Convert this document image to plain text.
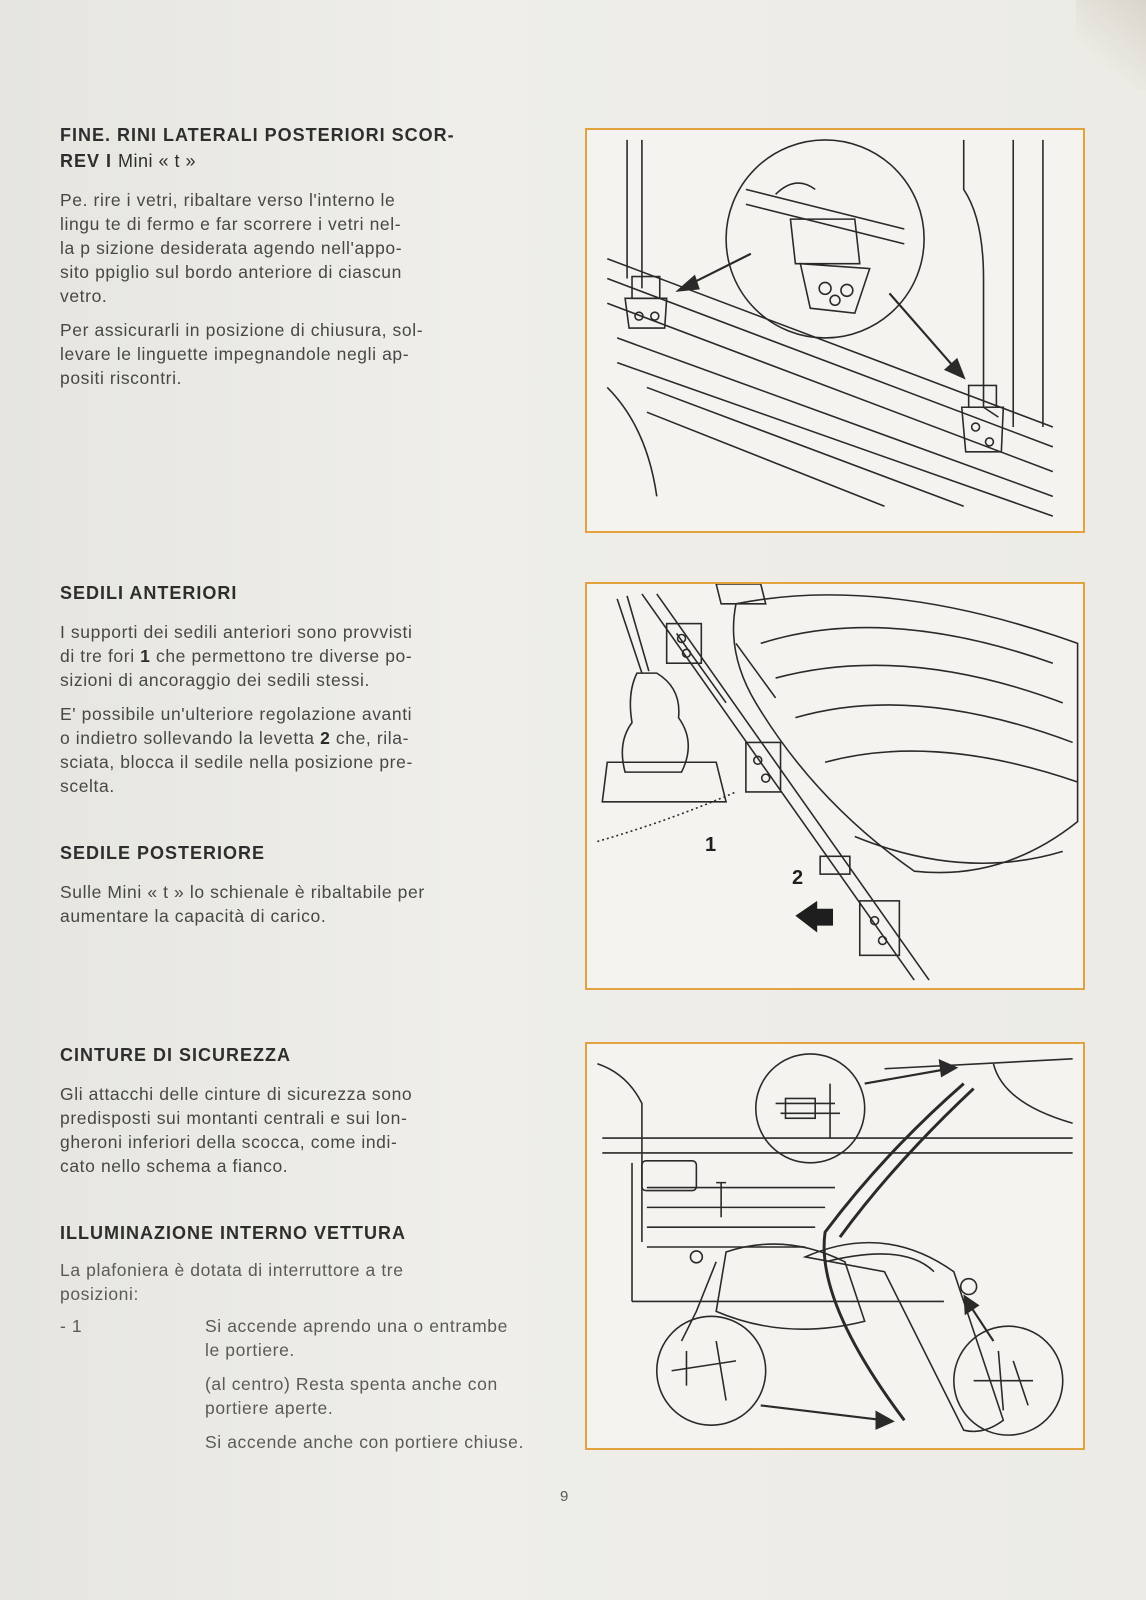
FINE. RINI LATERALI POSTERIORI SCOR-
REV I Mini « t »

Pe. rire i vetri, ribaltare verso l'interno le
lingu te di fermo e far scorrere i vetri nel-
la p sizione desiderata agendo nell'appo-
sito ppiglio sul bordo anteriore di ciascun
vetro.

Per assicurarli in posizione di chiusura, sol-
levare le linguette impegnandole negli ap-
positi riscontri.

SEDILI ANTERIORI

I supporti dei sedili anteriori sono provvisti
di tre fori 1 che permettono tre diverse po-
sizioni di ancoraggio dei sedili stessi.

E' possibile un'ulteriore regolazione avanti
o indietro sollevando la levetta 2 che, rila-
sciata, blocca il sedile nella posizione pre-
scelta.

SEDILE POSTERIORE

Sulle Mini « t » lo schienale è ribaltabile per
aumentare la capacità di carico.

CINTURE DI SICUREZZA

Gli attacchi delle cinture di sicurezza sono
predisposti sui montanti centrali e sui lon-
gheroni inferiori della scocca, come indi-
cato nello schema a fianco.

ILLUMINAZIONE INTERNO VETTURA

La plafoniera è dotata di interruttore a tre
posizioni:

- 1	Si accende aprendo una o entrambe
le portiere.

(al centro) Resta spenta anche con
portiere aperte.

Si accende anche con portiere chiuse.

1
2
9
